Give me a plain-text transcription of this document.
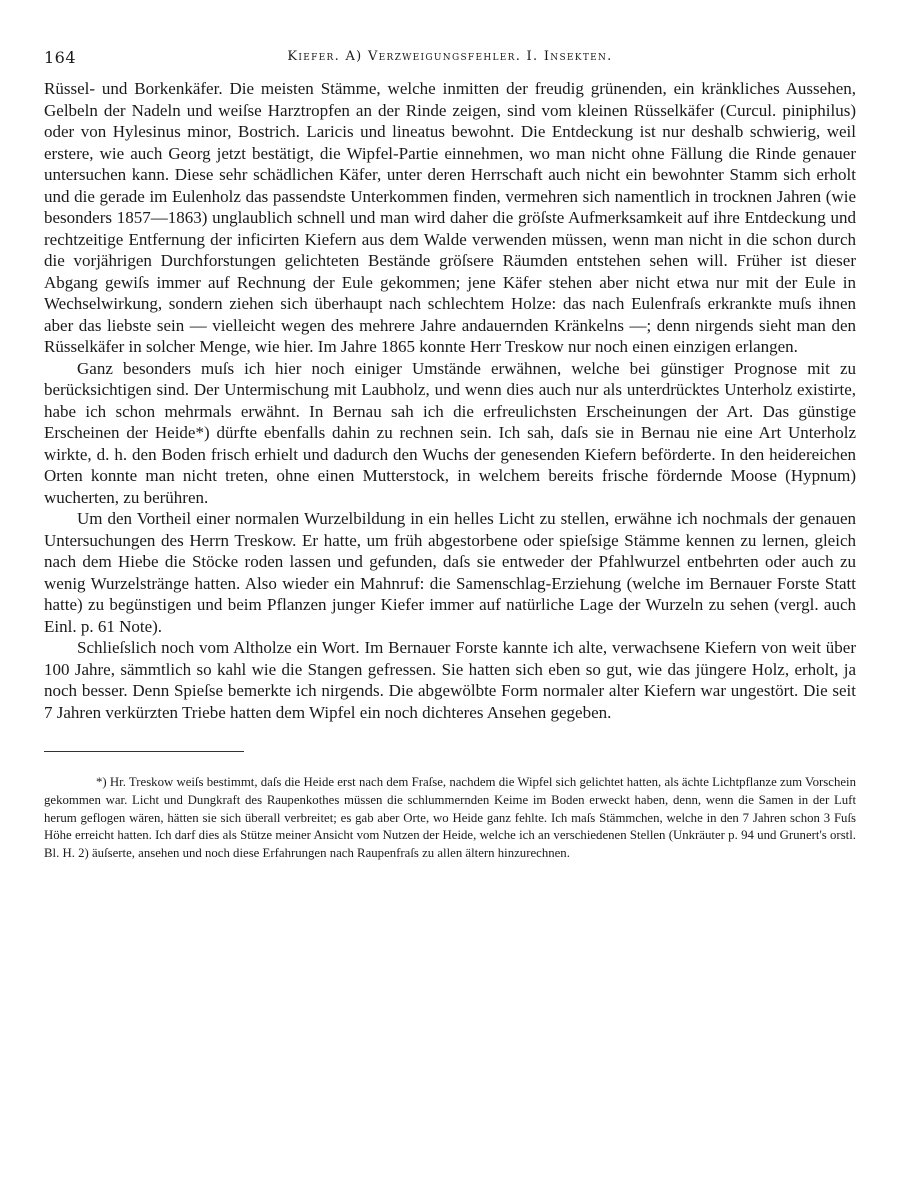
164	Kiefer. A) Verzweigungsfehler. I. Insekten.

Rüssel- und Borkenkäfer. Die meisten Stämme, welche inmitten der freudig grünenden, ein kränkliches Aussehen, Gelbeln der Nadeln und weiſse Harztropfen an der Rinde zeigen, sind vom kleinen Rüsselkäfer (Curcul. piniphilus) oder von Hylesinus minor, Bostrich. Laricis und lineatus bewohnt. Die Entdeckung ist nur deshalb schwierig, weil erstere, wie auch Georg jetzt bestätigt, die Wipfel-Partie einnehmen, wo man nicht ohne Fällung die Rinde genauer untersuchen kann. Diese sehr schädlichen Käfer, unter deren Herrschaft auch nicht ein bewohnter Stamm sich erholt und die gerade im Eulenholz das passendste Unterkommen finden, vermehren sich namentlich in trocknen Jahren (wie besonders 1857—1863) unglaublich schnell und man wird daher die gröſste Aufmerksamkeit auf ihre Entdeckung und rechtzeitige Entfernung der inficirten Kiefern aus dem Walde verwenden müssen, wenn man nicht in die schon durch die vorjährigen Durchforstungen gelichteten Bestände gröſsere Räumden entstehen sehen will. Früher ist dieser Abgang gewiſs immer auf Rechnung der Eule gekommen; jene Käfer stehen aber nicht etwa nur mit der Eule in Wechselwirkung, sondern ziehen sich überhaupt nach schlechtem Holze: das nach Eulenfraſs erkrankte muſs ihnen aber das liebste sein — vielleicht wegen des mehrere Jahre andauernden Kränkelns —; denn nirgends sieht man den Rüsselkäfer in solcher Menge, wie hier. Im Jahre 1865 konnte Herr Treskow nur noch einen einzigen erlangen.

Ganz besonders muſs ich hier noch einiger Umstände erwähnen, welche bei günstiger Prognose mit zu berücksichtigen sind. Der Untermischung mit Laubholz, und wenn dies auch nur als unterdrücktes Unterholz existirte, habe ich schon mehrmals erwähnt. In Bernau sah ich die erfreulichsten Erscheinungen der Art. Das günstige Erscheinen der Heide*) dürfte ebenfalls dahin zu rechnen sein. Ich sah, daſs sie in Bernau nie eine Art Unterholz wirkte, d. h. den Boden frisch erhielt und dadurch den Wuchs der genesenden Kiefern beförderte. In den heidereichen Orten konnte man nicht treten, ohne einen Mutterstock, in welchem bereits frische fördernde Moose (Hypnum) wucherten, zu berühren.

Um den Vortheil einer normalen Wurzelbildung in ein helles Licht zu stellen, erwähne ich nochmals der genauen Untersuchungen des Herrn Treskow. Er hatte, um früh abgestorbene oder spieſsige Stämme kennen zu lernen, gleich nach dem Hiebe die Stöcke roden lassen und gefunden, daſs sie entweder der Pfahlwurzel entbehrten oder auch zu wenig Wurzelstränge hatten. Also wieder ein Mahnruf: die Samenschlag-Erziehung (welche im Bernauer Forste Statt hatte) zu begünstigen und beim Pflanzen junger Kiefer immer auf natürliche Lage der Wurzeln zu sehen (vergl. auch Einl. p. 61 Note).

Schlieſslich noch vom Altholze ein Wort. Im Bernauer Forste kannte ich alte, verwachsene Kiefern von weit über 100 Jahre, sämmtlich so kahl wie die Stangen gefressen. Sie hatten sich eben so gut, wie das jüngere Holz, erholt, ja noch besser. Denn Spieſse bemerkte ich nirgends. Die abgewölbte Form normaler alter Kiefern war ungestört. Die seit 7 Jahren verkürzten Triebe hatten dem Wipfel ein noch dichteres Ansehen gegeben.

*) Hr. Treskow weiſs bestimmt, daſs die Heide erst nach dem Fraſse, nachdem die Wipfel sich gelichtet hatten, als ächte Lichtpflanze zum Vorschein gekommen war. Licht und Dungkraft des Raupenkothes müssen die schlummernden Keime im Boden erweckt haben, denn, wenn die Samen in der Luft herum geflogen wären, hätten sie sich überall verbreitet; es gab aber Orte, wo Heide ganz fehlte. Ich maſs Stämmchen, welche in den 7 Jahren schon 3 Fuſs Höhe erreicht hatten. Ich darf dies als Stütze meiner Ansicht vom Nutzen der Heide, welche ich an verschiedenen Stellen (Unkräuter p. 94 und Grunert's orstl. Bl. H. 2) äuſserte, ansehen und noch diese Erfahrungen nach Raupenfraſs zu allen ältern hinzurechnen.
